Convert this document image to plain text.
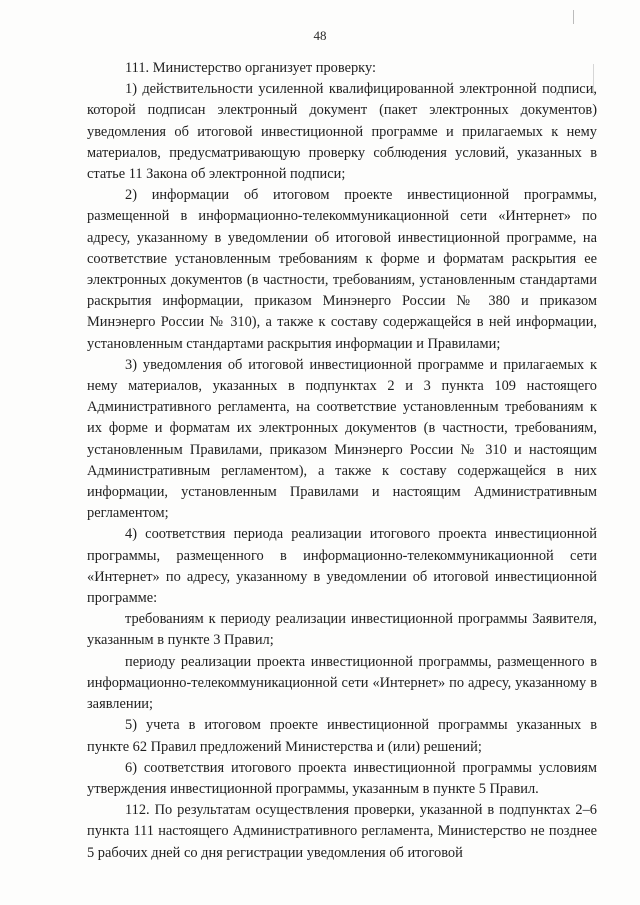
48

111. Министерство организует проверку:

1) действительности усиленной квалифицированной электронной подписи, которой подписан электронный документ (пакет электронных документов) уведомления об итоговой инвестиционной программе и прилагаемых к нему материалов, предусматривающую проверку соблюдения условий, указанных в статье 11 Закона об электронной подписи;

2) информации об итоговом проекте инвестиционной программы, размещенной в информационно-телекоммуникационной сети «Интернет» по адресу, указанному в уведомлении об итоговой инвестиционной программе, на соответствие установленным требованиям к форме и форматам раскрытия ее электронных документов (в частности, требованиям, установленным стандартами раскрытия информации, приказом Минэнерго России № 380 и приказом Минэнерго России № 310), а также к составу содержащейся в ней информации, установленным стандартами раскрытия информации и Правилами;

3) уведомления об итоговой инвестиционной программе и прилагаемых к нему материалов, указанных в подпунктах 2 и 3 пункта 109 настоящего Административного регламента, на соответствие установленным требованиям к их форме и форматам их электронных документов (в частности, требованиям, установленным Правилами, приказом Минэнерго России № 310 и настоящим Административным регламентом), а также к составу содержащейся в них информации, установленным Правилами и настоящим Административным регламентом;

4) соответствия периода реализации итогового проекта инвестиционной программы, размещенного в информационно-телекоммуникационной сети «Интернет» по адресу, указанному в уведомлении об итоговой инвестиционной программе:

требованиям к периоду реализации инвестиционной программы Заявителя, указанным в пункте 3 Правил;

периоду реализации проекта инвестиционной программы, размещенного в информационно-телекоммуникационной сети «Интернет» по адресу, указанному в заявлении;

5) учета в итоговом проекте инвестиционной программы указанных в пункте 62 Правил предложений Министерства и (или) решений;

6) соответствия итогового проекта инвестиционной программы условиям утверждения инвестиционной программы, указанным в пункте 5 Правил.

112. По результатам осуществления проверки, указанной в подпунктах 2–6 пункта 111 настоящего Административного регламента, Министерство не позднее 5 рабочих дней со дня регистрации уведомления об итоговой
